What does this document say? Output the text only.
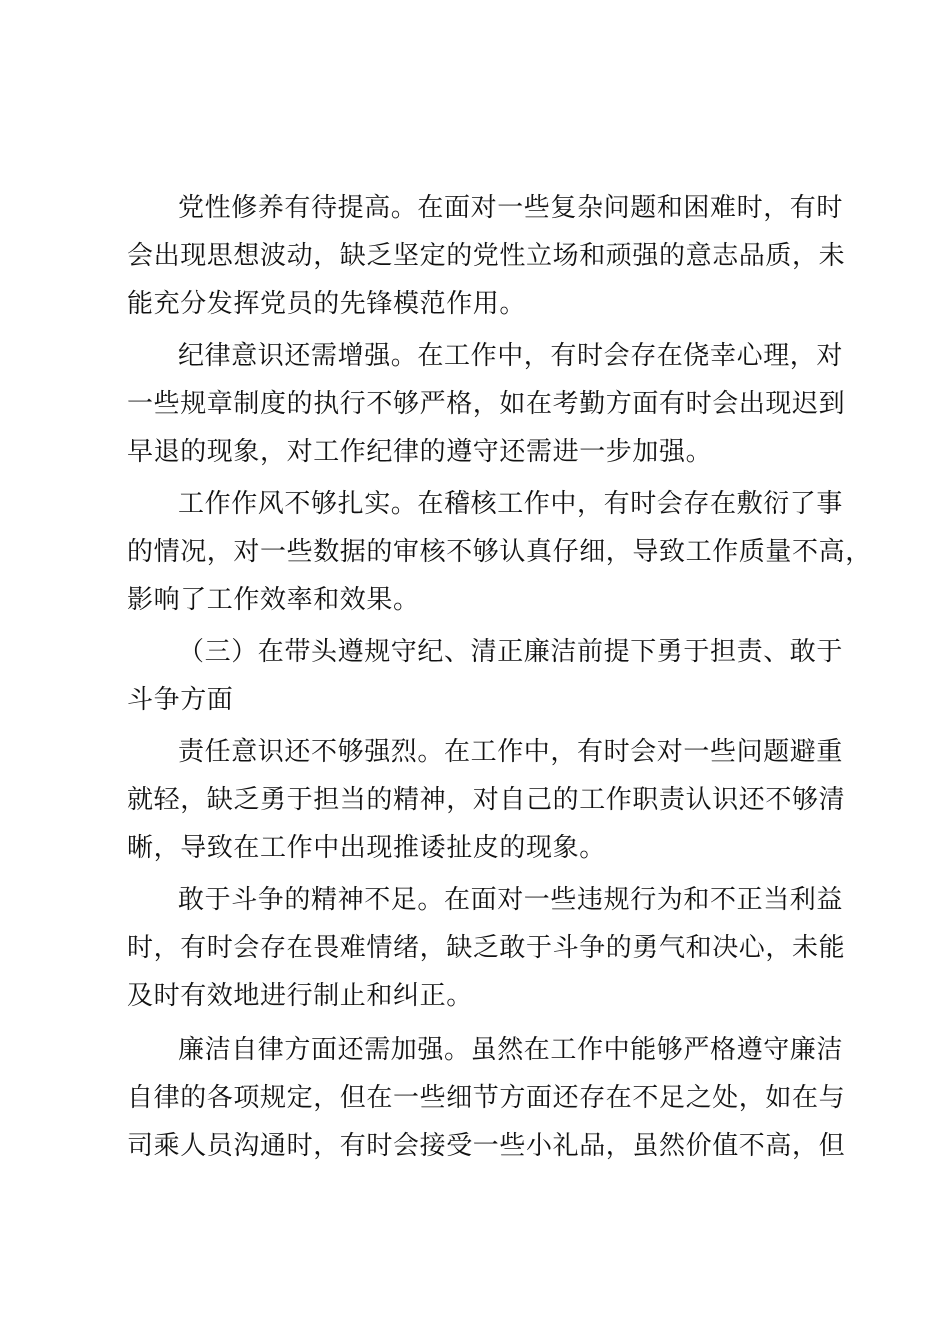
党性修养有待提高。在面对一些复杂问题和困难时，有时
会出现思想波动，缺乏坚定的党性立场和顽强的意志品质，未
能充分发挥党员的先锋模范作用。
纪律意识还需增强。在工作中，有时会存在侥幸心理，对
一些规章制度的执行不够严格，如在考勤方面有时会出现迟到
早退的现象，对工作纪律的遵守还需进一步加强。
工作作风不够扎实。在稽核工作中，有时会存在敷衍了事
的情况，对一些数据的审核不够认真仔细，导致工作质量不高，
影响了工作效率和效果。
（三）在带头遵规守纪、清正廉洁前提下勇于担责、敢于
斗争方面
责任意识还不够强烈。在工作中，有时会对一些问题避重
就轻，缺乏勇于担当的精神，对自己的工作职责认识还不够清
晰，导致在工作中出现推诿扯皮的现象。
敢于斗争的精神不足。在面对一些违规行为和不正当利益
时，有时会存在畏难情绪，缺乏敢于斗争的勇气和决心，未能
及时有效地进行制止和纠正。
廉洁自律方面还需加强。虽然在工作中能够严格遵守廉洁
自律的各项规定，但在一些细节方面还存在不足之处，如在与
司乘人员沟通时，有时会接受一些小礼品，虽然价值不高，但
